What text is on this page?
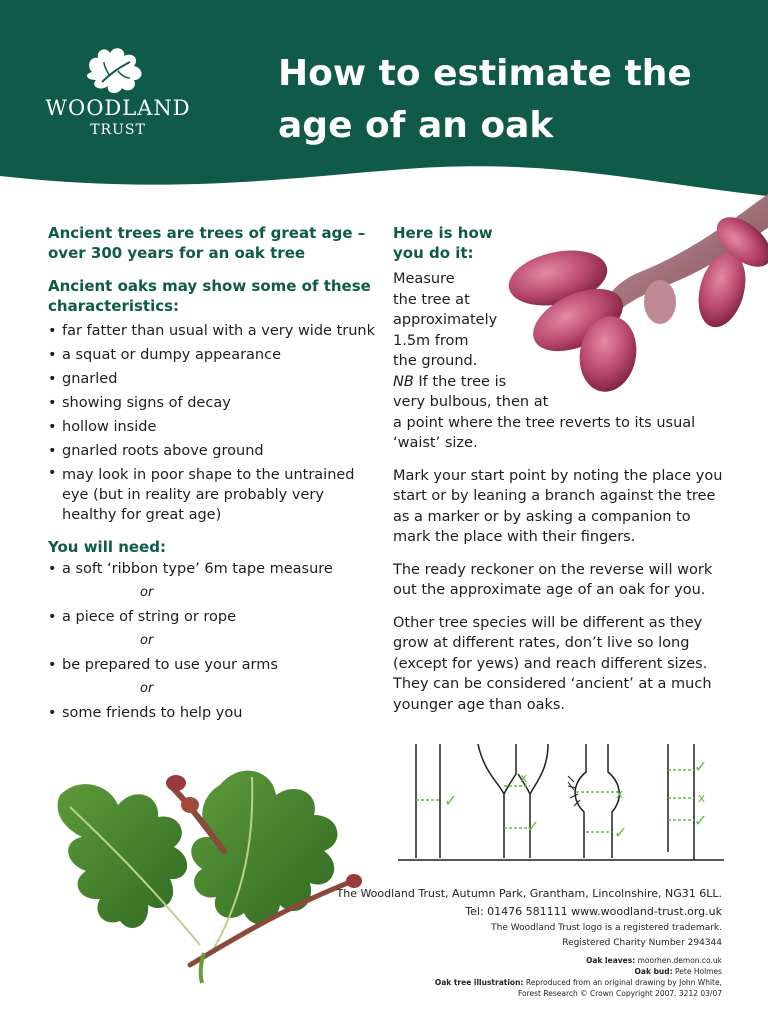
WOODLAND
TRUST
How to estimate the
age of an oak
Ancient trees are trees of great age –
over 300 years for an oak tree
Ancient oaks may show some of these
characteristics:
• far fatter than usual with a very wide trunk
• a squat or dumpy appearance
• gnarled
• showing signs of decay
• hollow inside
• gnarled roots above ground
• may look in poor shape to the untrained
eye (but in reality are probably very
healthy for great age)
You will need:
• a soft ‘ribbon type’ 6m tape measure
or
• a piece of string or rope
or
• be prepared to use your arms
or
• some friends to help you
Here is how
you do it:

Measure
the tree at
approximately
1.5m from
the ground.
NB If the tree is
very bulbous, then at
a point where the tree reverts to its usual
‘waist’ size.

Mark your start point by noting the place you start or by leaning a branch against the tree as a marker or by asking a companion to mark the place with their fingers.

The ready reckoner on the reverse will work out the approximate age of an oak for you.

Other tree species will be different as they grow at different rates, don’t live so long (except for yews) and reach different sizes. They can be considered ‘ancient’ at a much younger age than oaks.

✓
x
✓
x
✓
✓
x
✓
The Woodland Trust, Autumn Park, Grantham, Lincolnshire, NG31 6LL.
Tel: 01476 581111 www.woodland-trust.org.uk
The Woodland Trust logo is a registered trademark.
Registered Charity Number 294344
Oak leaves: moorhen.demon.co.uk
Oak bud: Pete Holmes
Oak tree illustration: Reproduced from an original drawing by John White,
Forest Research © Crown Copyright 2007. 3212 03/07
